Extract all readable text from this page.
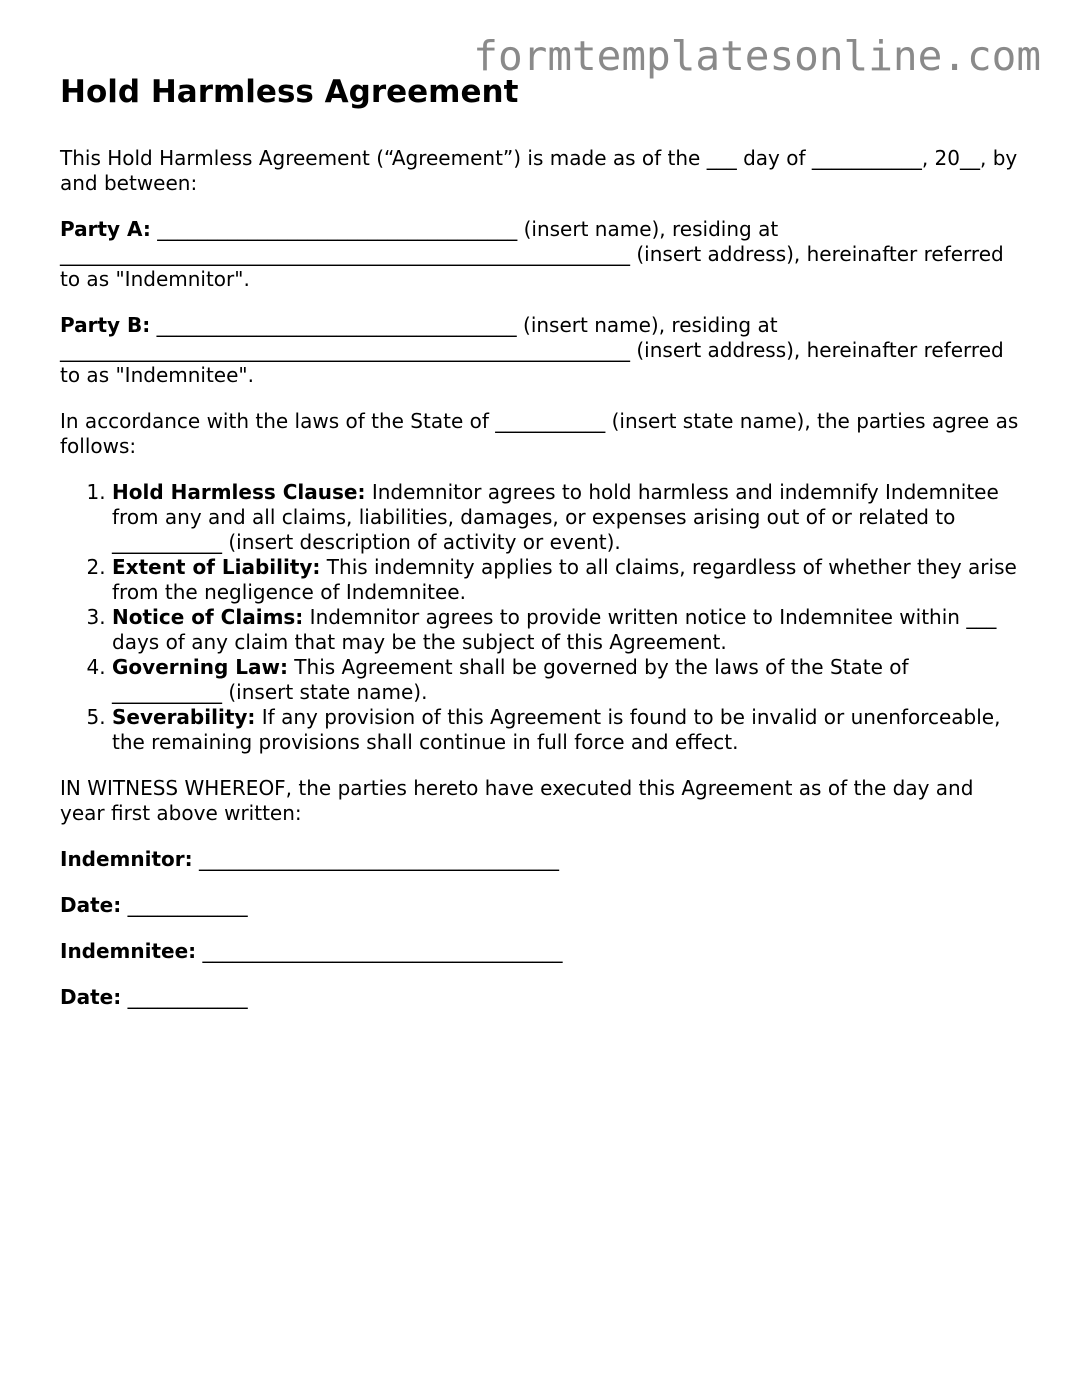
formtemplatesonline.com
Hold Harmless Agreement

This Hold Harmless Agreement (“Agreement”) is made as of the ___ day of ___________, 20__, by and between:

Party A: ____________________________________ (insert name), residing at _________________________________________________________ (insert address), hereinafter referred to as "Indemnitor".

Party B: ____________________________________ (insert name), residing at _________________________________________________________ (insert address), hereinafter referred to as "Indemnitee".

In accordance with the laws of the State of ___________ (insert state name), the parties agree as follows:

1. Hold Harmless Clause: Indemnitor agrees to hold harmless and indemnify Indemnitee from any and all claims, liabilities, damages, or expenses arising out of or related to ___________ (insert description of activity or event).
2. Extent of Liability: This indemnity applies to all claims, regardless of whether they arise from the negligence of Indemnitee.
3. Notice of Claims: Indemnitor agrees to provide written notice to Indemnitee within ___ days of any claim that may be the subject of this Agreement.
4. Governing Law: This Agreement shall be governed by the laws of the State of ___________ (insert state name).
5. Severability: If any provision of this Agreement is found to be invalid or unenforceable, the remaining provisions shall continue in full force and effect.

IN WITNESS WHEREOF, the parties hereto have executed this Agreement as of the day and year first above written:

Indemnitor: ____________________________________
Date: ____________
Indemnitee: ____________________________________
Date: ____________
